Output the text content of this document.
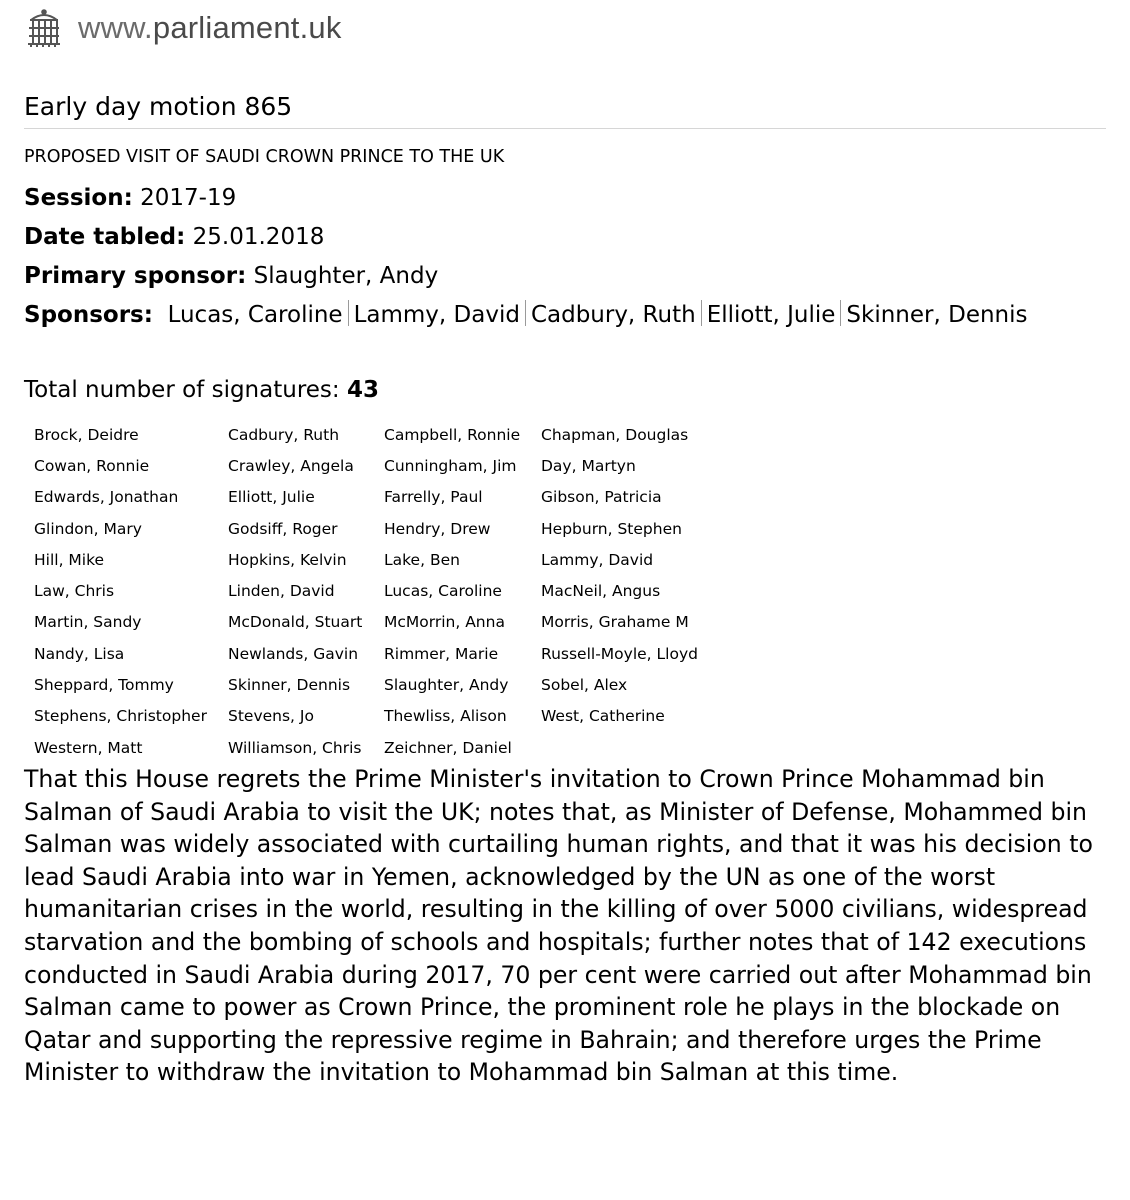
www.parliament.uk
Early day motion 865
PROPOSED VISIT OF SAUDI CROWN PRINCE TO THE UK
Session: 2017-19
Date tabled: 25.01.2018
Primary sponsor: Slaughter, Andy
Sponsors: Lucas, Caroline Lammy, David Cadbury, Ruth Elliott, Julie Skinner, Dennis
Total number of signatures: 43
Brock, Deidre	Cadbury, Ruth	Campbell, Ronnie	Chapman, Douglas
Cowan, Ronnie	Crawley, Angela	Cunningham, Jim	Day, Martyn
Edwards, Jonathan	Elliott, Julie	Farrelly, Paul	Gibson, Patricia
Glindon, Mary	Godsiff, Roger	Hendry, Drew	Hepburn, Stephen
Hill, Mike	Hopkins, Kelvin	Lake, Ben	Lammy, David
Law, Chris	Linden, David	Lucas, Caroline	MacNeil, Angus
Martin, Sandy	McDonald, Stuart	McMorrin, Anna	Morris, Grahame M
Nandy, Lisa	Newlands, Gavin	Rimmer, Marie	Russell-Moyle, Lloyd
Sheppard, Tommy	Skinner, Dennis	Slaughter, Andy	Sobel, Alex
Stephens, Christopher	Stevens, Jo	Thewliss, Alison	West, Catherine
Western, Matt	Williamson, Chris	Zeichner, Daniel	

That this House regrets the Prime Minister's invitation to Crown Prince Mohammad bin Salman of Saudi Arabia to visit the UK; notes that, as Minister of Defense, Mohammed bin Salman was widely associated with curtailing human rights, and that it was his decision to lead Saudi Arabia into war in Yemen, acknowledged by the UN as one of the worst humanitarian crises in the world, resulting in the killing of over 5000 civilians, widespread starvation and the bombing of schools and hospitals; further notes that of 142 executions conducted in Saudi Arabia during 2017, 70 per cent were carried out after Mohammad bin Salman came to power as Crown Prince, the prominent role he plays in the blockade on Qatar and supporting the repressive regime in Bahrain; and therefore urges the Prime Minister to withdraw the invitation to Mohammad bin Salman at this time.
